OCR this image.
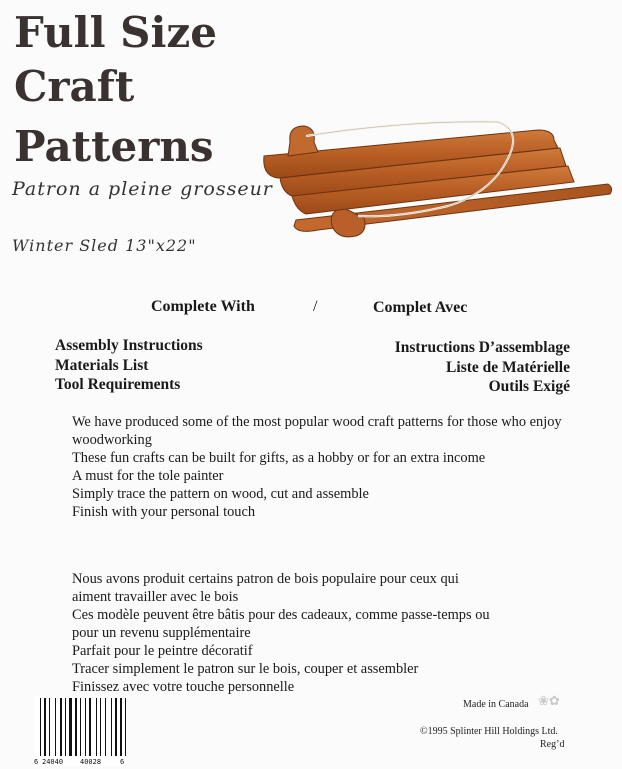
Full Size
Craft
Patterns
Patron a pleine grosseur
Winter Sled 13"x22"
Complete With	/	Complet Avec
Assembly Instructions
Materials List
Tool Requirements
Instructions D’assemblage
Liste de Matérielle
Outils Exigé
We have produced some of the most popular wood craft patterns for those who enjoy
woodworking
These fun crafts can be built for gifts, as a hobby or for an extra income
A must for the tole painter
Simply trace the pattern on wood, cut and assemble
Finish with your personal touch
Nous avons produit certains patron de bois populaire pour ceux qui
aiment travailler avec le bois
Ces modèle peuvent être bâtis pour des cadeaux, comme passe-temps ou
pour un revenu supplémentaire
Parfait pour le peintre décoratif
Tracer simplement le patron sur le bois, couper et assembler
Finissez avec votre touche personnelle
Made in Canada ❀✿
©1995 Splinter Hill Holdings Ltd.
Reg’d
6 24040 40028	6
